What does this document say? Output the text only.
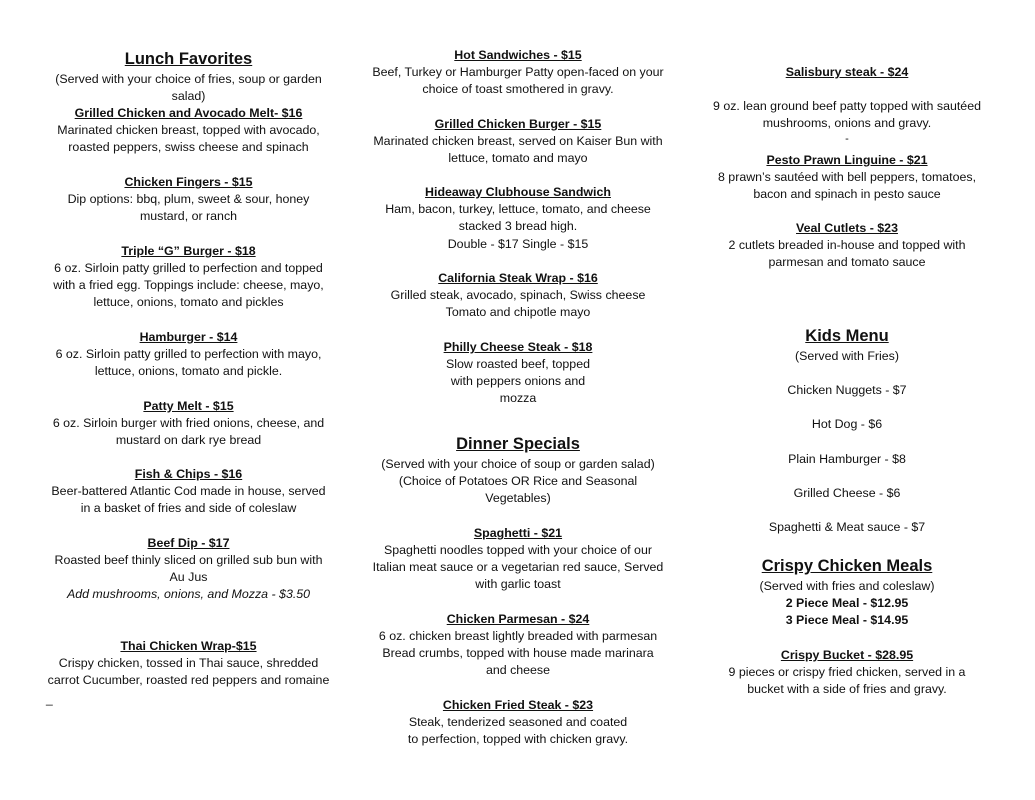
Lunch Favorites
(Served with your choice of fries, soup or garden salad)
Grilled Chicken and Avocado Melt- $16
Marinated chicken breast, topped with avocado, roasted peppers, swiss cheese and spinach
Chicken Fingers - $15
Dip options: bbq, plum, sweet & sour, honey mustard, or ranch
Triple “G” Burger - $18
6 oz. Sirloin patty grilled to perfection and topped with a fried egg. Toppings include: cheese, mayo, lettuce, onions, tomato and pickles
Hamburger - $14
6 oz. Sirloin patty grilled to perfection with mayo, lettuce, onions, tomato and pickle.
Patty Melt - $15
6 oz. Sirloin burger with fried onions, cheese, and mustard on dark rye bread
Fish & Chips - $16
Beer-battered Atlantic Cod made in house, served in a basket of fries and side of coleslaw
Beef Dip - $17
Roasted beef thinly sliced on grilled sub bun with Au Jus
Add mushrooms, onions, and Mozza - $3.50
Thai Chicken Wrap-$15
Crispy chicken, tossed in Thai sauce, shredded carrot Cucumber, roasted red peppers and romaine
_
Hot Sandwiches - $15
Beef, Turkey or Hamburger Patty open-faced on your choice of toast smothered in gravy.
Grilled Chicken Burger - $15
Marinated chicken breast, served on Kaiser Bun with lettuce, tomato and mayo
Hideaway Clubhouse Sandwich
Ham, bacon, turkey, lettuce, tomato, and cheese stacked 3 bread high.
Double - $17 Single - $15
California Steak Wrap - $16
Grilled steak, avocado, spinach, Swiss cheese
Tomato and chipotle mayo
Philly Cheese Steak - $18
Slow roasted beef, topped with peppers onions and mozza
Dinner Specials
(Served with your choice of soup or garden salad)
(Choice of Potatoes OR Rice and Seasonal Vegetables)
Spaghetti - $21
Spaghetti noodles topped with your choice of our Italian meat sauce or a vegetarian red sauce, Served with garlic toast
Chicken Parmesan - $24
6 oz. chicken breast lightly breaded with parmesan Bread crumbs, topped with house made marinara and cheese
Chicken Fried Steak - $23
Steak, tenderized seasoned and coated to perfection, topped with chicken gravy.
Salisbury steak - $24
9 oz. lean ground beef patty topped with sautéed mushrooms, onions and gravy.
-
Pesto Prawn Linguine - $21
8 prawn’s sautéed with bell peppers, tomatoes, bacon and spinach in pesto sauce
Veal Cutlets - $23
2 cutlets breaded in-house and topped with parmesan and tomato sauce
Kids Menu
(Served with Fries)
Chicken Nuggets - $7
Hot Dog - $6
Plain Hamburger - $8
Grilled Cheese - $6
Spaghetti & Meat sauce - $7
Crispy Chicken Meals
(Served with fries and coleslaw)
2 Piece Meal - $12.95
3 Piece Meal - $14.95
Crispy Bucket - $28.95
9 pieces or crispy fried chicken, served in a bucket with a side of fries and gravy.
